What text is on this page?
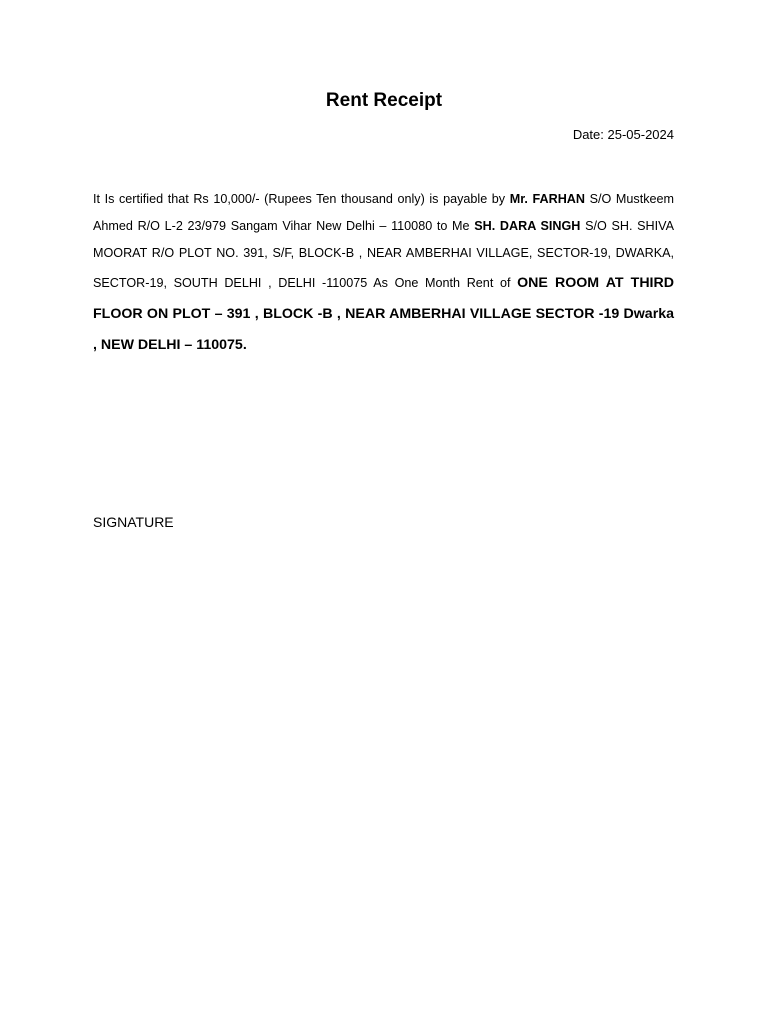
Rent Receipt
Date: 25-05-2024
It Is certified that Rs 10,000/- (Rupees Ten thousand only) is payable by Mr. FARHAN S/O Mustkeem Ahmed R/O L-2 23/979 Sangam Vihar New Delhi – 110080 to Me SH. DARA SINGH S/O SH. SHIVA MOORAT R/O PLOT NO. 391, S/F, BLOCK-B , NEAR AMBERHAI VILLAGE, SECTOR-19, DWARKA, SECTOR-19, SOUTH DELHI , DELHI -110075 As One Month Rent of ONE ROOM AT THIRD FLOOR ON PLOT – 391 , BLOCK -B , NEAR AMBERHAI VILLAGE SECTOR -19 Dwarka , NEW DELHI – 110075.
SIGNATURE
